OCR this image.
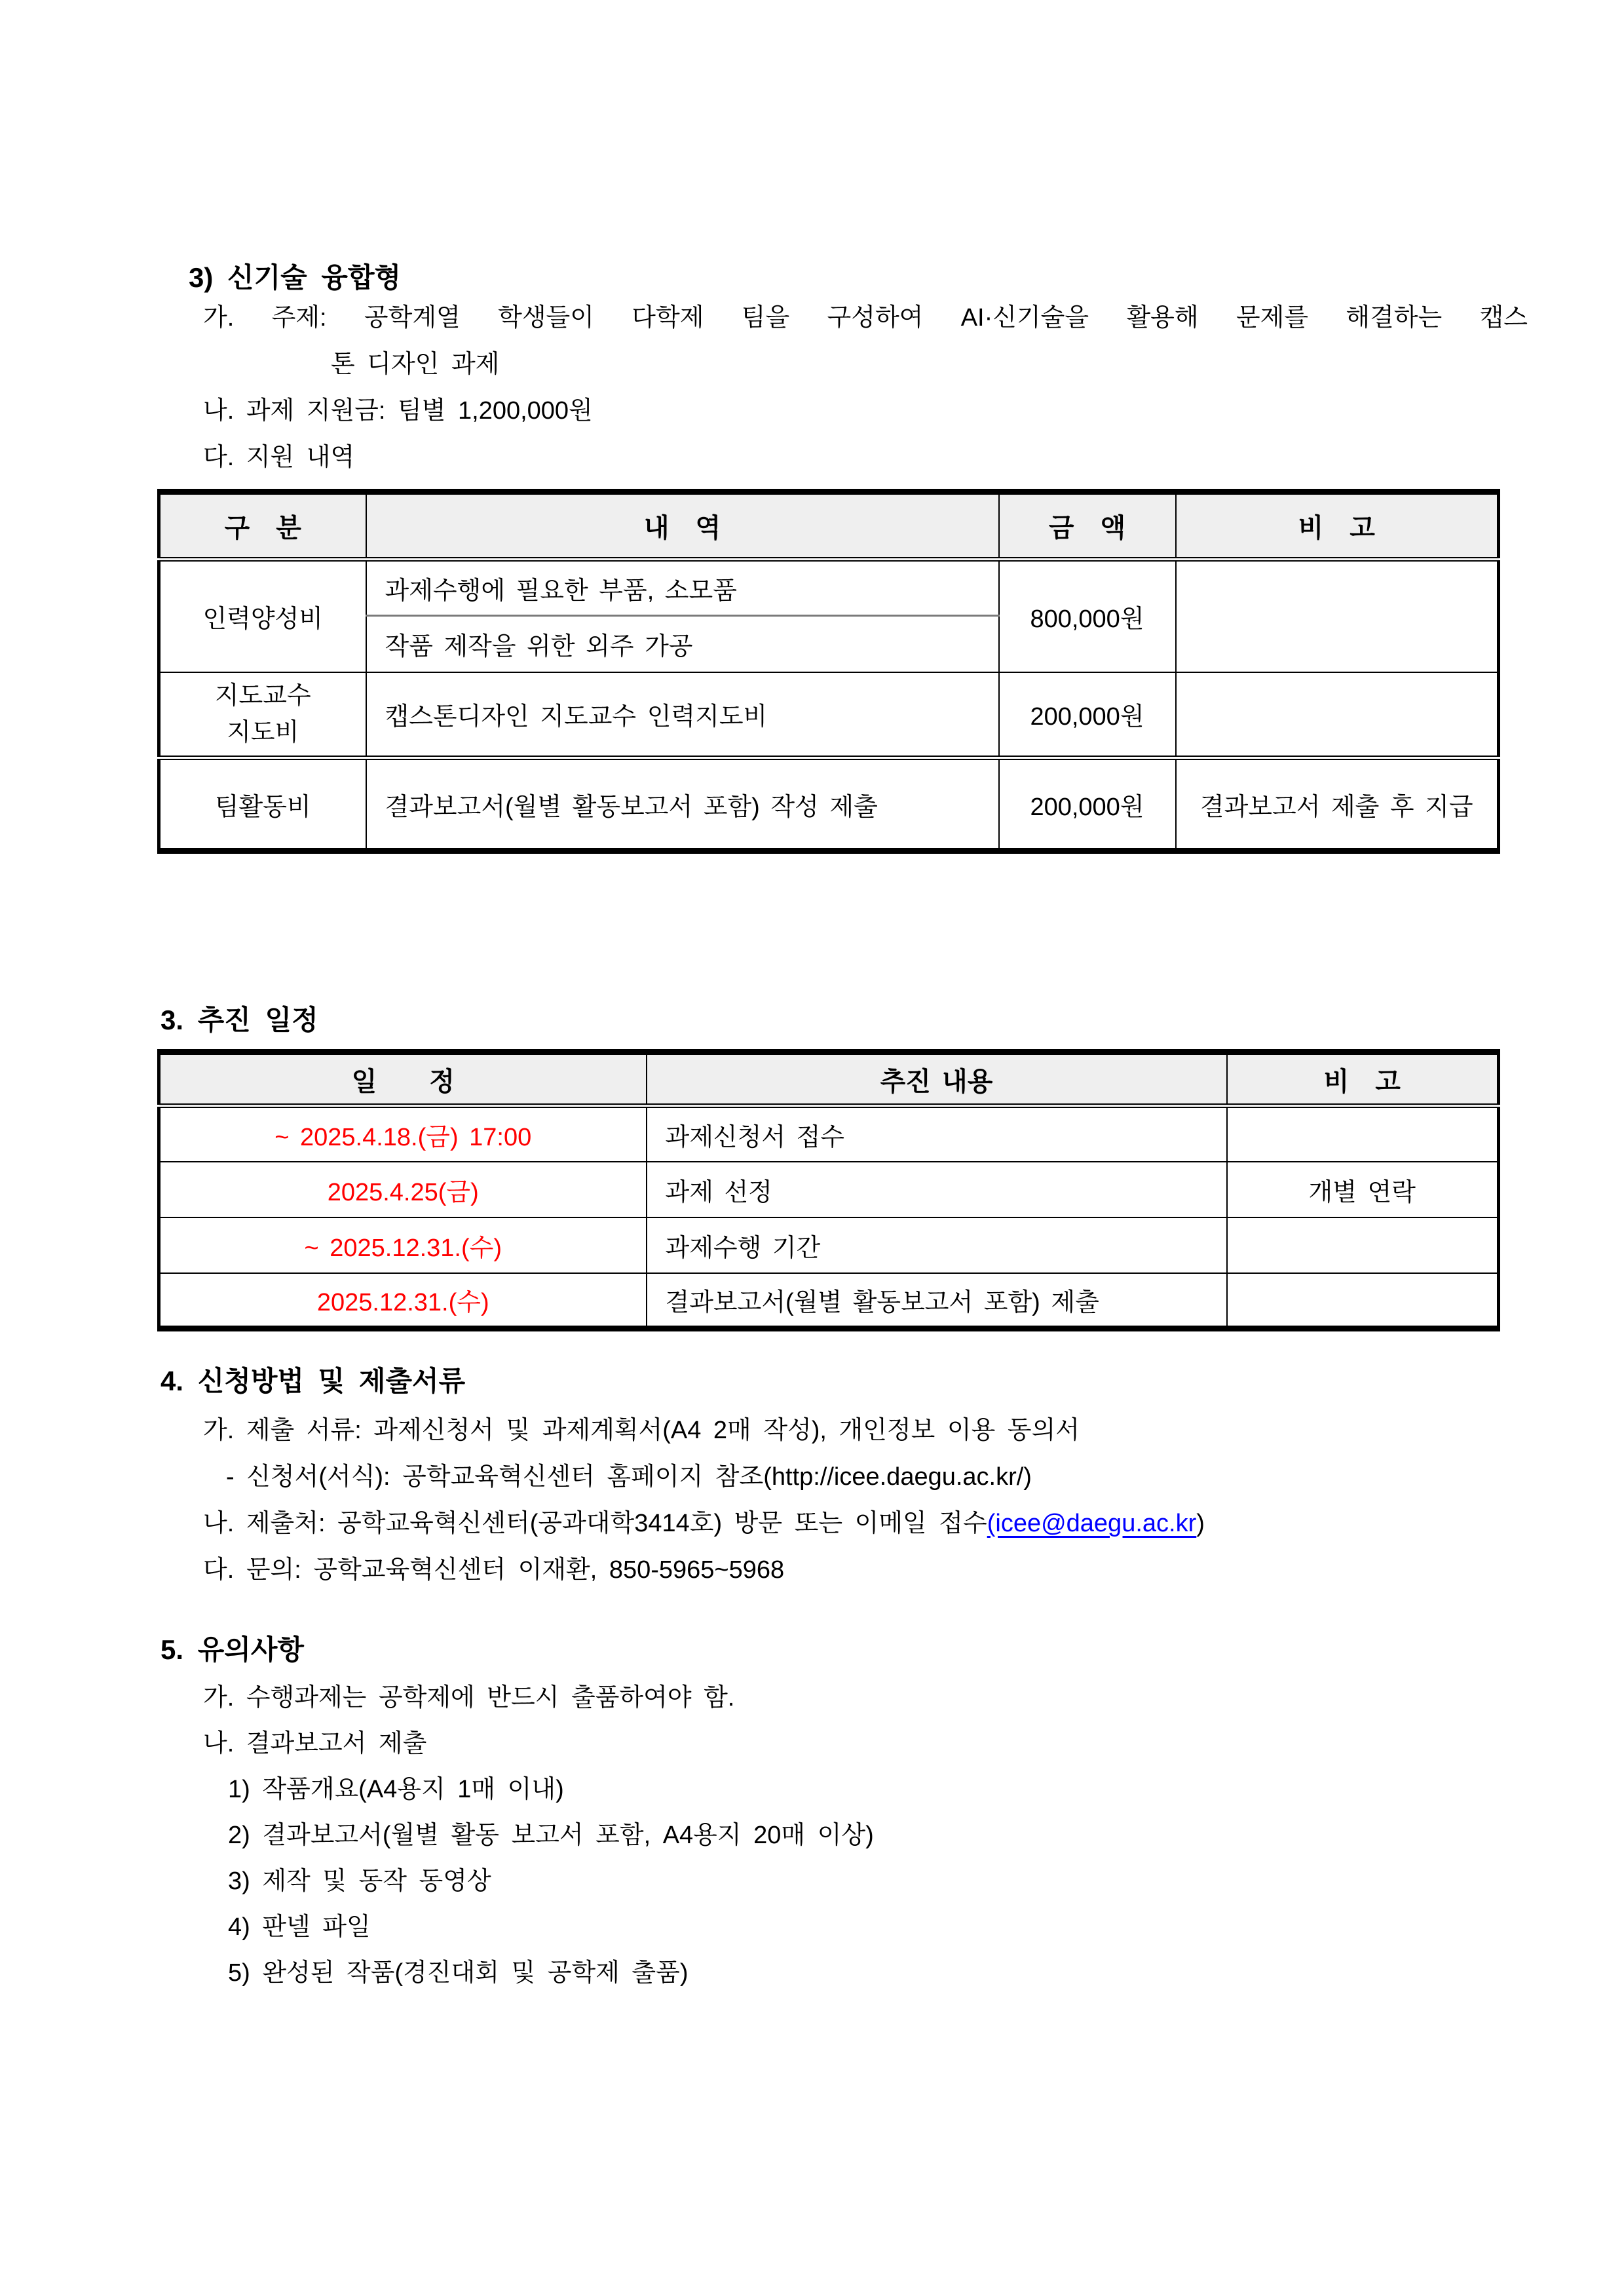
3) 신기술 융합형
가. 주제: 공학계열 학생들이 다학제 팀을 구성하여 AI·신기술을 활용해 문제를 해결하는 캡스
톤 디자인 과제
나. 과제 지원금: 팀별 1,200,000원
다. 지원 내역
구　분	내　역	금　액	비　고
인력양성비	과제수행에 필요한 부품, 소모품	800,000원	
	작품 제작을 위한 외주 가공		

지도교수
지도비	캡스톤디자인 지도교수 인력지도비	200,000원	
팀활동비	결과보고서(월별 활동보고서 포함) 작성 제출	200,000원	결과보고서 제출 후 지급
3. 추진 일정
일　　정	추진 내용	비　고
~ 2025.4.18.(금) 17:00	과제신청서 접수	
2025.4.25(금)	과제 선정	개별 연락
~ 2025.12.31.(수)	과제수행 기간	
2025.12.31.(수)	결과보고서(월별 활동보고서 포함) 제출	
4. 신청방법 및 제출서류
가. 제출 서류: 과제신청서 및 과제계획서(A4 2매 작성), 개인정보 이용 동의서
- 신청서(서식): 공학교육혁신센터 홈페이지 참조(http://icee.daegu.ac.kr/)
나. 제출처: 공학교육혁신센터(공과대학3414호) 방문 또는 이메일 접수(icee@daegu.ac.kr)
다. 문의: 공학교육혁신센터 이재환, 850-5965~5968
5. 유의사항
가. 수행과제는 공학제에 반드시 출품하여야 함.
나. 결과보고서 제출
1) 작품개요(A4용지 1매 이내)
2) 결과보고서(월별 활동 보고서 포함, A4용지 20매 이상)
3) 제작 및 동작 동영상
4) 판넬 파일
5) 완성된 작품(경진대회 및 공학제 출품)
